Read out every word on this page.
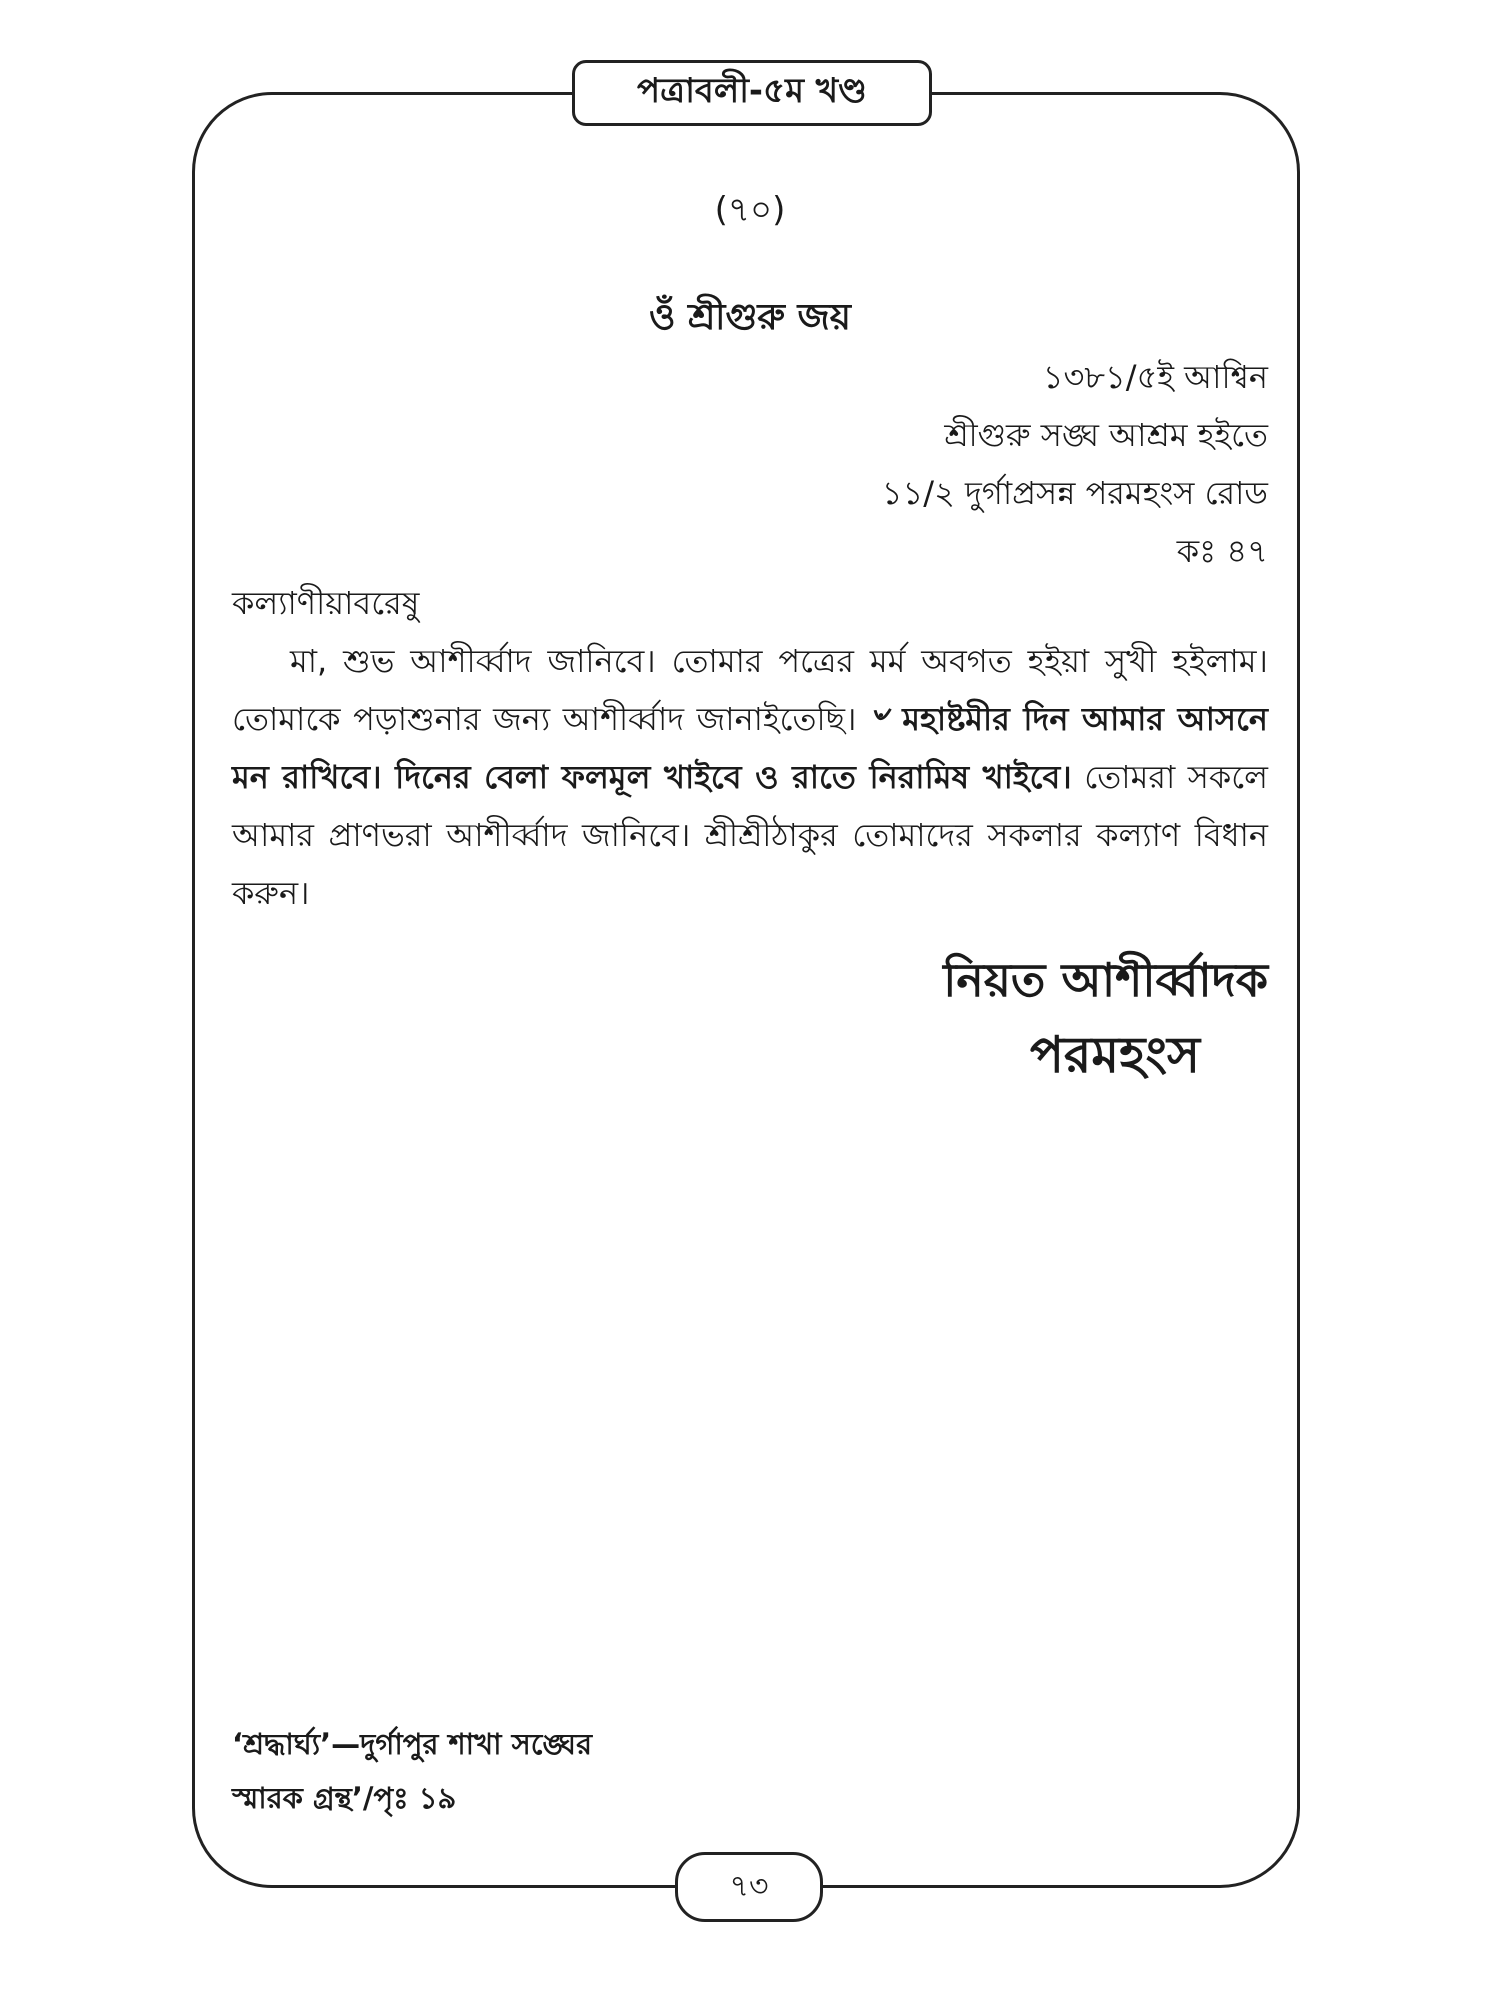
পত্রাবলী-৫ম খণ্ড
(৭০)
ওঁ শ্রীগুরু জয়
১৩৮১/৫ই আশ্বিন
শ্রীগুরু সঙ্ঘ আশ্রম হইতে
১১/২ দুর্গাপ্রসন্ন পরমহংস রোড
কঃ ৪৭
কল্যাণীয়াবরেষু
মা, শুভ আশীর্ব্বাদ জানিবে। তোমার পত্রের মর্ম অবগত হইয়া সুখী হইলাম। তোমাকে পড়াশুনার জন্য আশীর্ব্বাদ জানাইতেছি। ৺ মহাষ্টমীর দিন আমার আসনে মন রাখিবে। দিনের বেলা ফলমূল খাইবে ও রাতে নিরামিষ খাইবে। তোমরা সকলে আমার প্রাণভরা আশীর্ব্বাদ জানিবে। শ্রীশ্রীঠাকুর তোমাদের সকলার কল্যাণ বিধান করুন।
নিয়ত আশীর্ব্বাদক
পরমহংস
‘শ্রদ্ধার্ঘ্য’—দুর্গাপুর শাখা সঙ্ঘের
স্মারক গ্রন্থ’/পৃঃ ১৯
৭৩
